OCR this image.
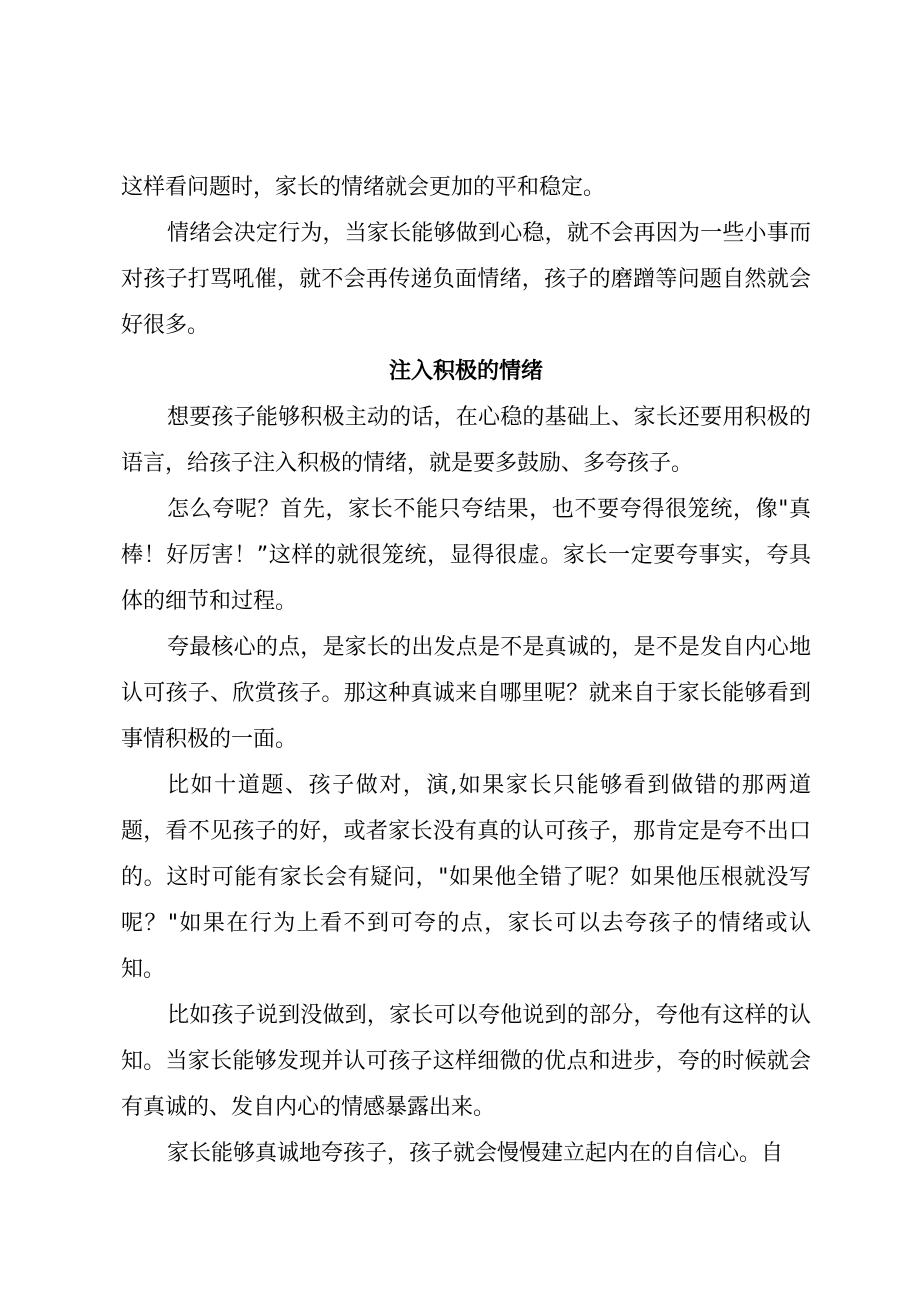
这样看问题时，家长的情绪就会更加的平和稳定。

情绪会决定行为，当家长能够做到心稳，就不会再因为一些小事而对孩子打骂吼催，就不会再传递负面情绪，孩子的磨蹭等问题自然就会好很多。

注入积极的情绪

想要孩子能够积极主动的话，在心稳的基础上、家长还要用积极的语言，给孩子注入积极的情绪，就是要多鼓励、多夸孩子。

怎么夸呢？首先，家长不能只夸结果，也不要夸得很笼统，像"真棒！好厉害！”这样的就很笼统，显得很虚。家长一定要夸事实，夸具体的细节和过程。

夸最核心的点，是家长的出发点是不是真诚的，是不是发自内心地认可孩子、欣赏孩子。那这种真诚来自哪里呢？就来自于家长能够看到事情积极的一面。

比如十道题、孩子做对，演,如果家长只能够看到做错的那两道题，看不见孩子的好，或者家长没有真的认可孩子，那肯定是夸不出口的。这时可能有家长会有疑问，"如果他全错了呢？如果他压根就没写呢？"如果在行为上看不到可夸的点，家长可以去夸孩子的情绪或认知。

比如孩子说到没做到，家长可以夸他说到的部分，夸他有这样的认知。当家长能够发现并认可孩子这样细微的优点和进步，夸的时候就会有真诚的、发自内心的情感暴露出来。

家长能够真诚地夸孩子，孩子就会慢慢建立起内在的自信心。自
